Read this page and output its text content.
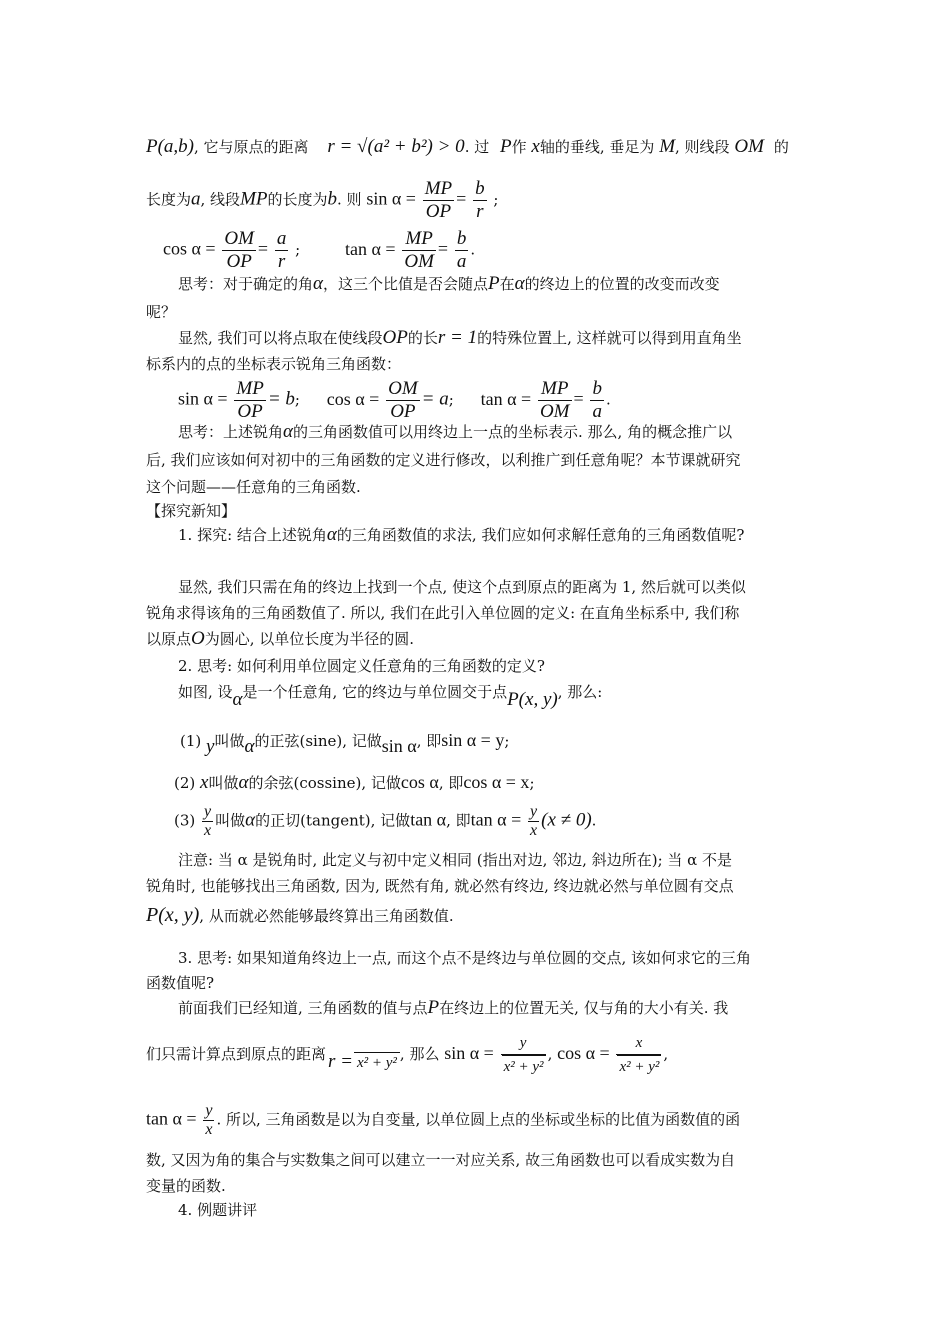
P(a,b), 它与原点的距离 r = √(a² + b²) > 0. 过 P作 x轴的垂线, 垂足为 M, 则线段 OM 的
长度为a, 线段MP的长度为b. 则 $\sin \alpha = \frac{MP}{OP} = \frac{b}{r}$ ;
$\cos \alpha = \frac{OM}{OP} = \frac{a}{r}$ ; $\tan \alpha = \frac{MP}{OM} = \frac{b}{a}$ .
思考：对于确定的角α，这三个比值是否会随点P在α的终边上的位置的改变而改变
呢？
显然, 我们可以将点取在使线段OP的长r = 1的特殊位置上, 这样就可以得到用直角坐
标系内的点的坐标表示锐角三角函数：
$\sin \alpha = \frac{MP}{OP} = b$; $\cos \alpha = \frac{OM}{OP} = a$; $\tan \alpha = \frac{MP}{OM} = \frac{b}{a}$ .
思考：上述锐角α的三角函数值可以用终边上一点的坐标表示. 那么, 角的概念推广以
后, 我们应该如何对初中的三角函数的定义进行修改，以利推广到任意角呢？本节课就研究
这个问题——任意角的三角函数.
【探究新知】
1. 探究: 结合上述锐角α的三角函数值的求法, 我们应如何求解任意角的三角函数值呢?
显然, 我们只需在角的终边上找到一个点, 使这个点到原点的距离为 1, 然后就可以类似
锐角求得该角的三角函数值了. 所以, 我们在此引入单位圆的定义: 在直角坐标系中, 我们称
以原点O为圆心, 以单位长度为半径的圆.
2. 思考: 如何利用单位圆定义任意角的三角函数的定义?
如图, 设α是一个任意角, 它的终边与单位圆交于点P(x, y), 那么:
(1) y叫做α的正弦(sine), 记做sin α, 即sin α = y;
(2) x叫做α的余弦(cossine), 记做cos α, 即cos α = x;
$(3) \frac{y}{x}$ 叫做α的正切(tangent), 记做tan α, 即$\tan \alpha = \frac{y}{x} (x \ne 0)$.
注意: 当 α 是锐角时, 此定义与初中定义相同 (指出对边, 邻边, 斜边所在); 当 α 不是
锐角时, 也能够找出三角函数, 因为, 既然有角, 就必然有终边, 终边就必然与单位圆有交点
P(x, y), 从而就必然能够最终算出三角函数值.
3. 思考: 如果知道角终边上一点, 而这个点不是终边与单位圆的交点, 该如何求它的三角
函数值呢?
前面我们已经知道, 三角函数的值与点P在终边上的位置无关, 仅与角的大小有关. 我
们只需计算点到原点的距离 r = x² + y² , 那么 $\sin \alpha = \frac{y}{\text{x² + y²}}$ , $\cos \alpha = \frac{x}{\text{x² + y²}}$ ,
$\tan \alpha = \frac{y}{x}$ . 所以, 三角函数是以为自变量, 以单位圆上点的坐标或坐标的比值为函数值的函
数, 又因为角的集合与实数集之间可以建立一一对应关系, 故三角函数也可以看成实数为自
变量的函数.
4. 例题讲评
